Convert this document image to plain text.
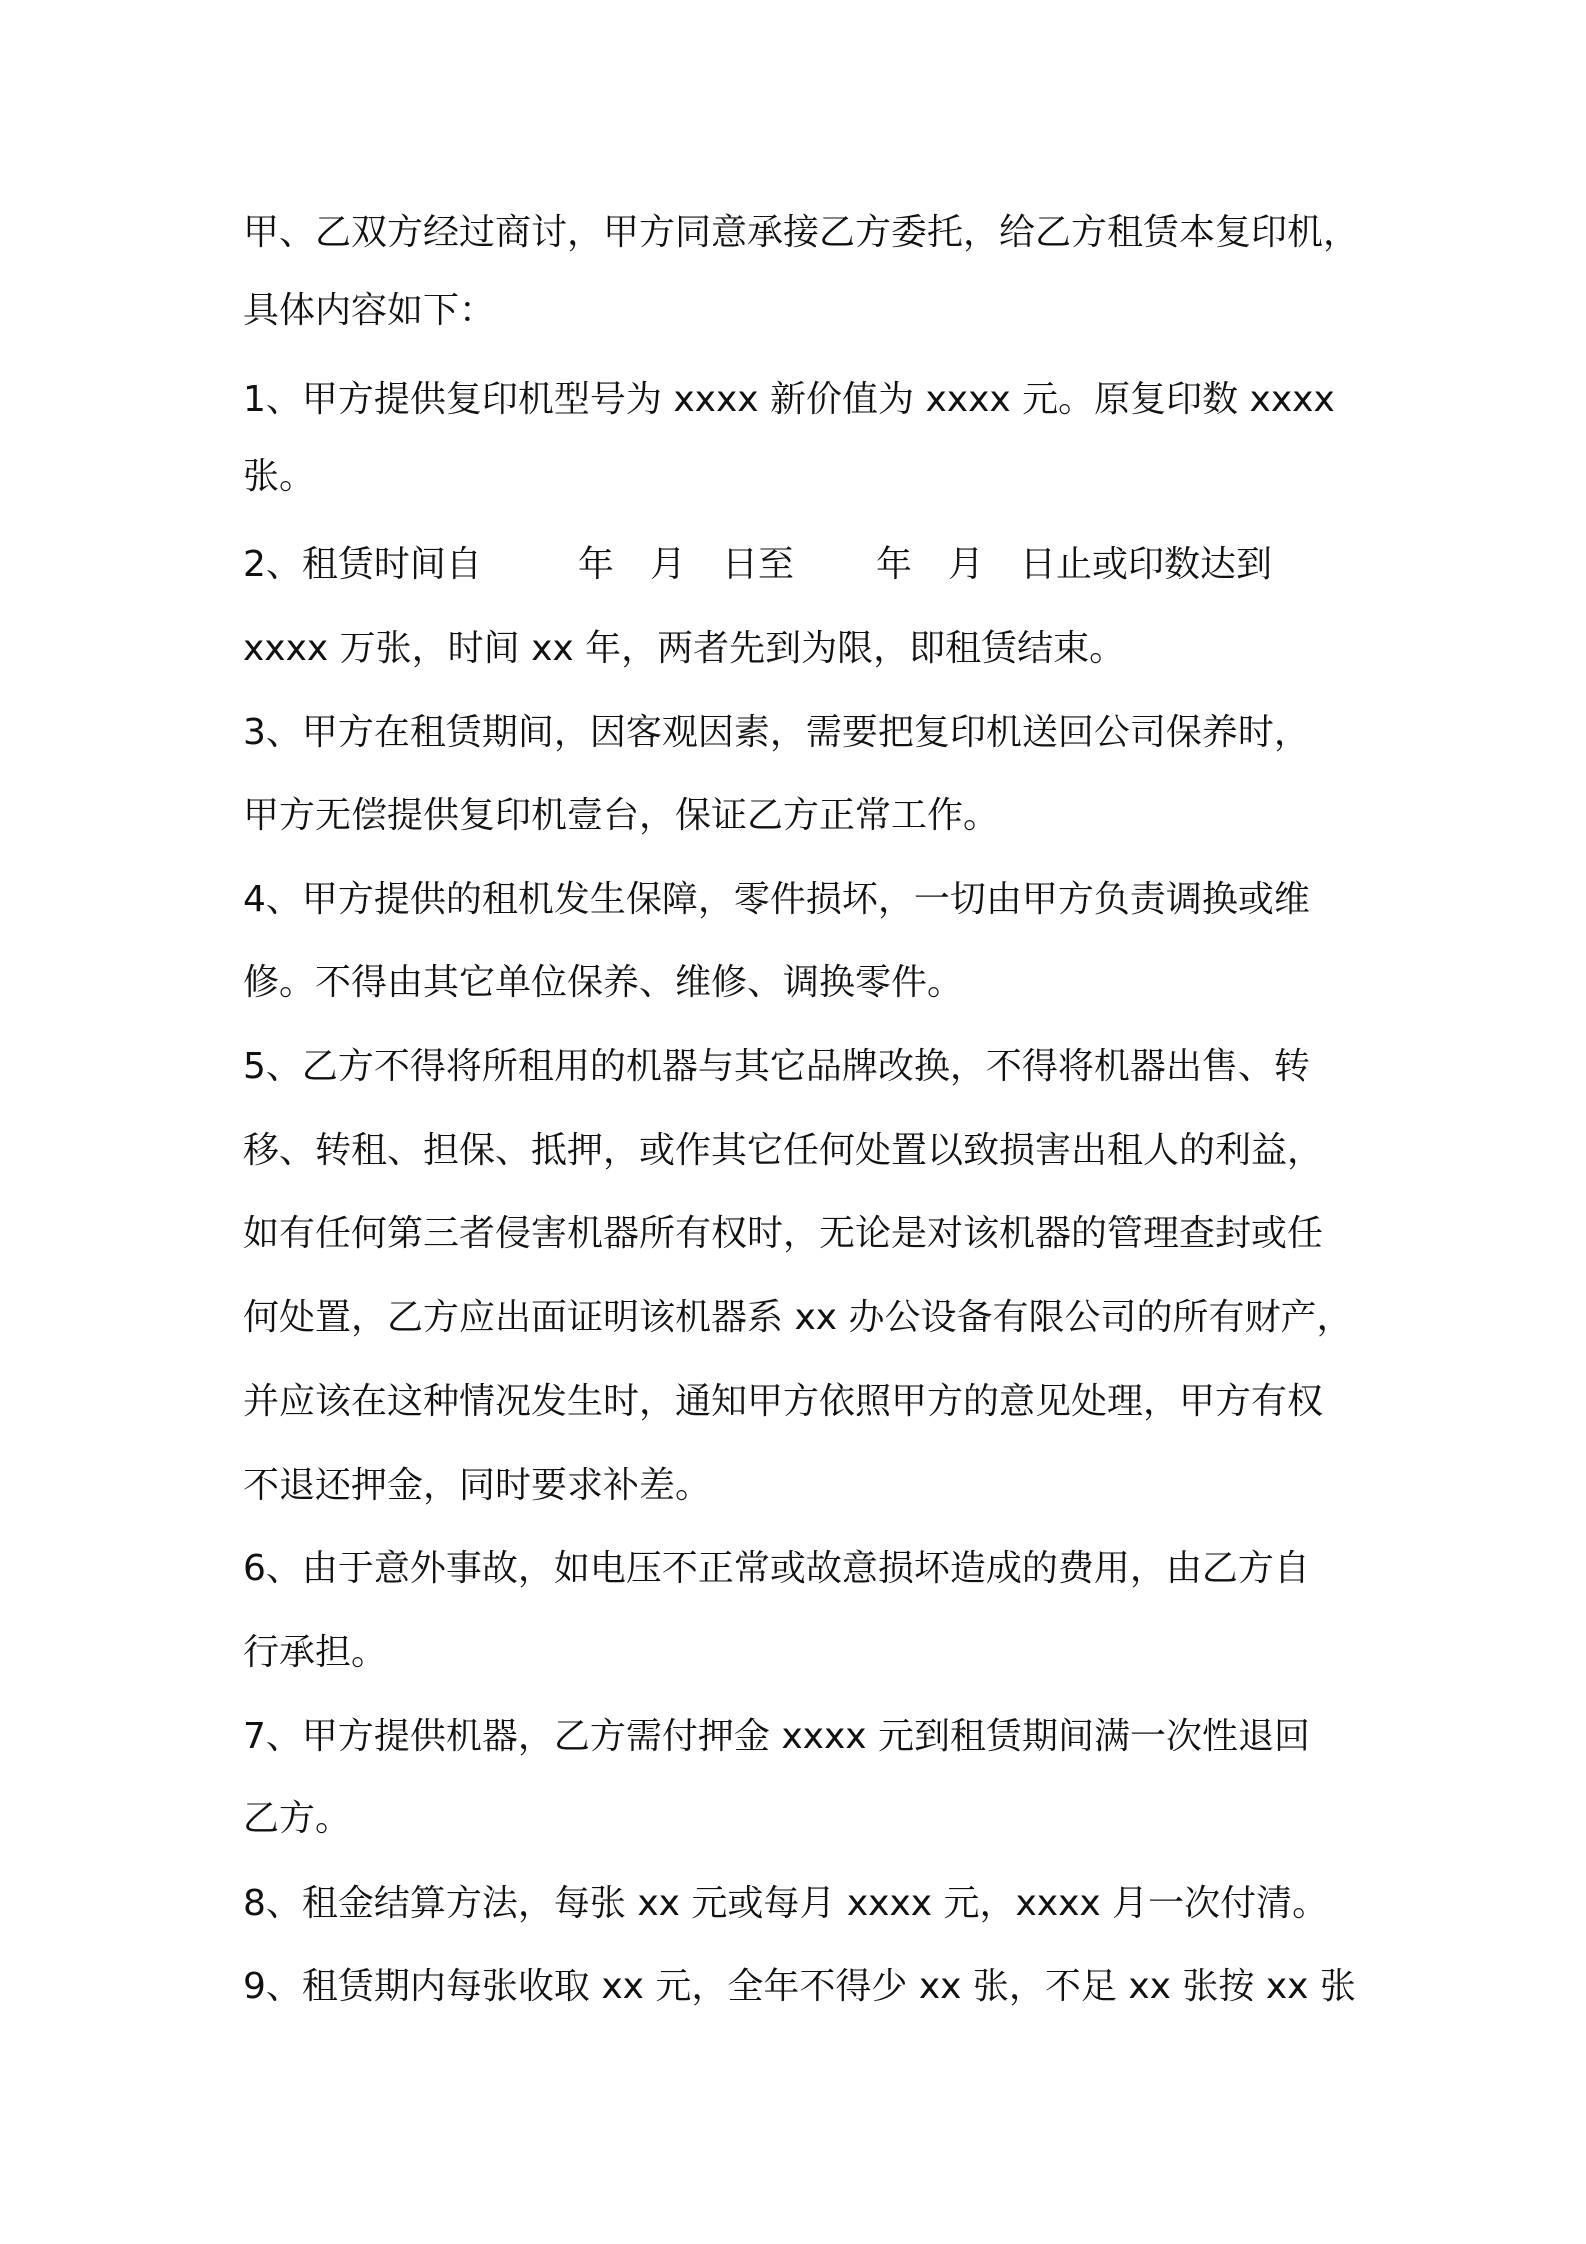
甲、乙双方经过商讨，甲方同意承接乙方委托，给乙方租赁本复印机，

具体内容如下：

1、甲方提供复印机型号为 xxxx 新价值为 xxxx 元。原复印数 xxxx

张。

2、租赁时间自	年 月 日至 年 月 日止或印数达到

xxxx 万张，时间 xx 年，两者先到为限，即租赁结束。

3、甲方在租赁期间，因客观因素，需要把复印机送回公司保养时，

甲方无偿提供复印机壹台，保证乙方正常工作。

4、甲方提供的租机发生保障，零件损坏，一切由甲方负责调换或维

修。不得由其它单位保养、维修、调换零件。

5、乙方不得将所租用的机器与其它品牌改换，不得将机器出售、转

移、转租、担保、抵押，或作其它任何处置以致损害出租人的利益，

如有任何第三者侵害机器所有权时，无论是对该机器的管理查封或任

何处置，乙方应出面证明该机器系 xx 办公设备有限公司的所有财产，

并应该在这种情况发生时，通知甲方依照甲方的意见处理，甲方有权

不退还押金，同时要求补差。

6、由于意外事故，如电压不正常或故意损坏造成的费用，由乙方自

行承担。

7、甲方提供机器，乙方需付押金 xxxx 元到租赁期间满一次性退回

乙方。

8、租金结算方法，每张 xx 元或每月 xxxx 元，xxxx 月一次付清。

9、租赁期内每张收取 xx 元，全年不得少 xx 张，不足 xx 张按 xx 张
